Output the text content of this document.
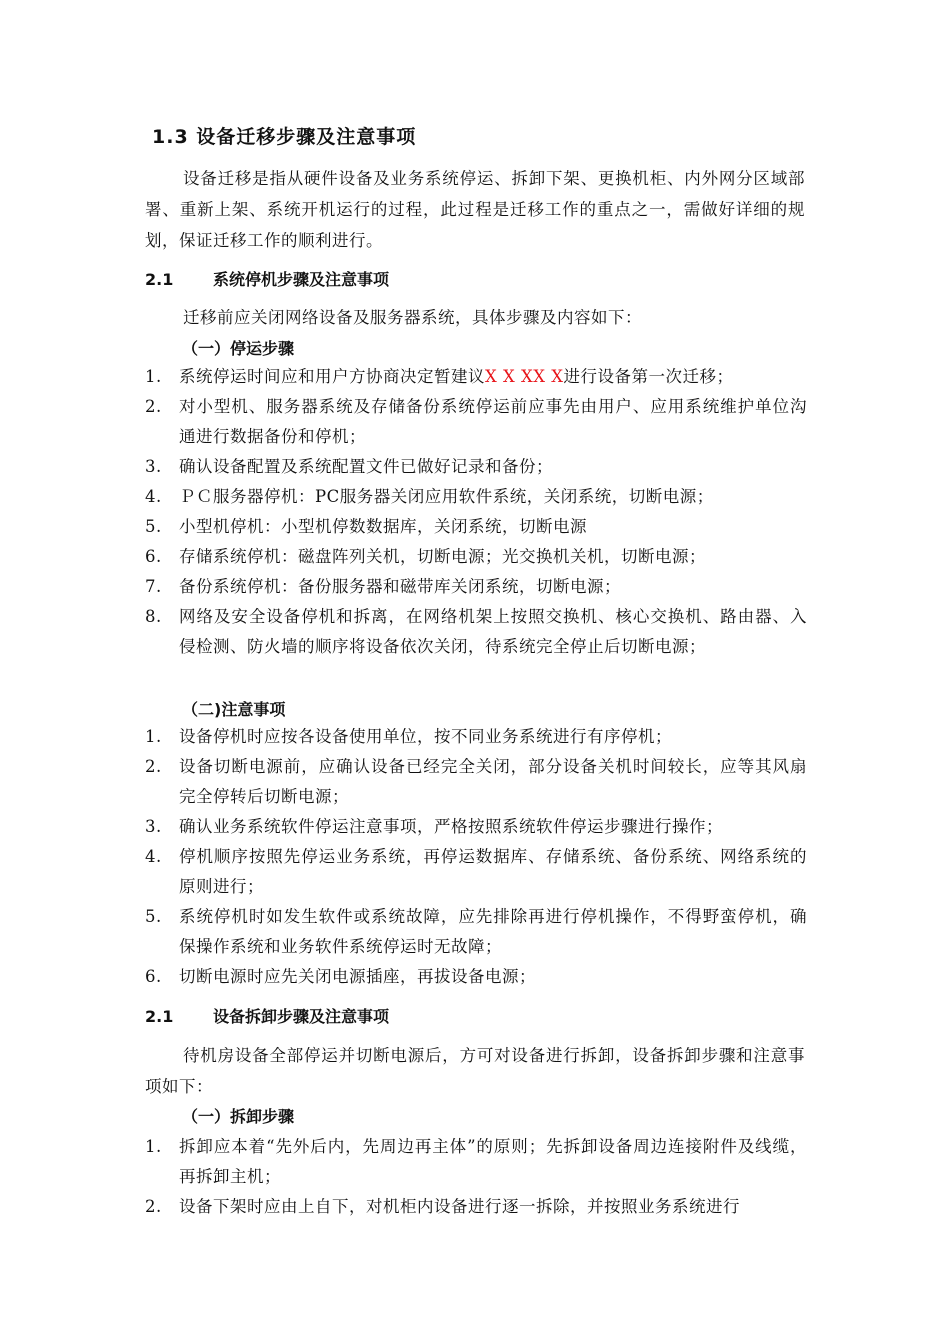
1.3 设备迁移步骤及注意事项
设备迁移是指从硬件设备及业务系统停运、拆卸下架、更换机柜、内外网分区域部署、重新上架、系统开机运行的过程，此过程是迁移工作的重点之一，需做好详细的规划，保证迁移工作的顺利进行。
2.1 系统停机步骤及注意事项
迁移前应关闭网络设备及服务器系统，具体步骤及内容如下：
（一）停运步骤
1. 系统停运时间应和用户方协商决定暂建议X X XX X进行设备第一次迁移；
2. 对小型机、服务器系统及存储备份系统停运前应事先由用户、应用系统维护单位沟通进行数据备份和停机；
3. 确认设备配置及系统配置文件已做好记录和备份；
4. ＰＣ服务器停机：PC服务器关闭应用软件系统，关闭系统，切断电源；
5. 小型机停机：小型机停数数据库，关闭系统，切断电源
6. 存储系统停机：磁盘阵列关机，切断电源；光交换机关机，切断电源；
7. 备份系统停机：备份服务器和磁带库关闭系统，切断电源；
8. 网络及安全设备停机和拆离，在网络机架上按照交换机、核心交换机、路由器、入侵检测、防火墙的顺序将设备依次关闭，待系统完全停止后切断电源；
（二)注意事项
1. 设备停机时应按各设备使用单位，按不同业务系统进行有序停机；
2. 设备切断电源前，应确认设备已经完全关闭，部分设备关机时间较长，应等其风扇完全停转后切断电源；
3. 确认业务系统软件停运注意事项，严格按照系统软件停运步骤进行操作；
4. 停机顺序按照先停运业务系统，再停运数据库、存储系统、备份系统、网络系统的原则进行；
5. 系统停机时如发生软件或系统故障，应先排除再进行停机操作，不得野蛮停机，确保操作系统和业务软件系统停运时无故障；
6. 切断电源时应先关闭电源插座，再拔设备电源；
2.1 设备拆卸步骤及注意事项
待机房设备全部停运并切断电源后，方可对设备进行拆卸，设备拆卸步骤和注意事项如下：
（一）拆卸步骤
1. 拆卸应本着“先外后内，先周边再主体”的原则；先拆卸设备周边连接附件及线缆，再拆卸主机；
2. 设备下架时应由上自下，对机柜内设备进行逐一拆除，并按照业务系统进行
